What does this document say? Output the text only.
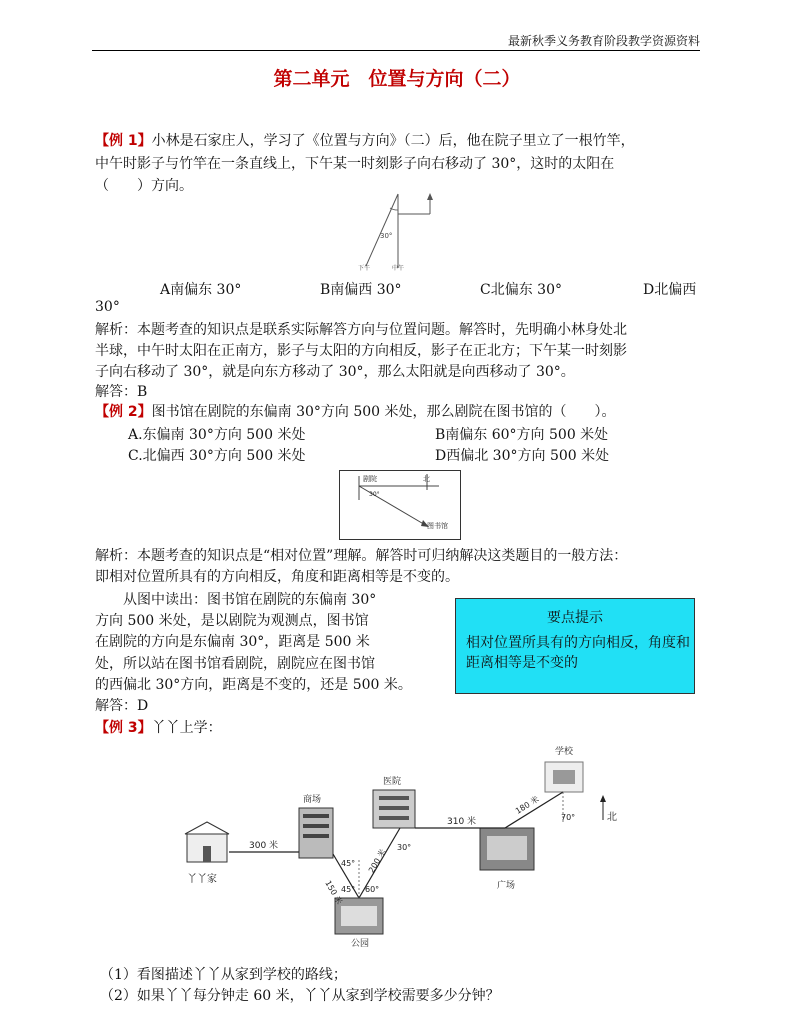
最新秋季义务教育阶段教学资源资料
第二单元　位置与方向（二）
【例 1】小林是石家庄人，学习了《位置与方向》（二）后，他在院子里立了一根竹竿，
中午时影子与竹竿在一条直线上，下午某一时刻影子向右移动了 30°，这时的太阳在
（　　）方向。
30°
下午	中午
A南偏东 30°	B南偏西 30°	C北偏东 30°	D北偏西
30°
解析：本题考查的知识点是联系实际解答方向与位置问题。解答时，先明确小林身处北
半球，中午时太阳在正南方，影子与太阳的方向相反，影子在正北方；下午某一时刻影
子向右移动了 30°，就是向东方移动了 30°，那么太阳就是向西移动了 30°。
解答：B
【例 2】图书馆在剧院的东偏南 30°方向 500 米处，那么剧院在图书馆的（　　）。
A.东偏南 30°方向 500 米处	B南偏东 60°方向 500 米处
C.北偏西 30°方向 500 米处	D西偏北 30°方向 500 米处
剧院	北
30°
图书馆
解析：本题考查的知识点是“相对位置”理解。解答时可归纳解决这类题目的一般方法：
即相对位置所具有的方向相反，角度和距离相等是不变的。
　　从图中读出：图书馆在剧院的东偏南 30°
方向 500 米处，是以剧院为观测点，图书馆
在剧院的方向是东偏南 30°，距离是 500 米
处，所以站在图书馆看剧院，剧院应在图书馆
的西偏北 30°方向，距离是不变的，还是 500 米。
要点提示
相对位置所具有的方向相反，角度和距离相等是不变的
解答：D
【例 3】丫丫上学：
丫丫家
商场
医院
学校
广场
公园
北
300 米
150 米
200 米
310 米
180 米
45°
45° 60°
30°
70°
（1）看图描述丫丫从家到学校的路线；
（2）如果丫丫每分钟走 60 米，丫丫从家到学校需要多少分钟？
